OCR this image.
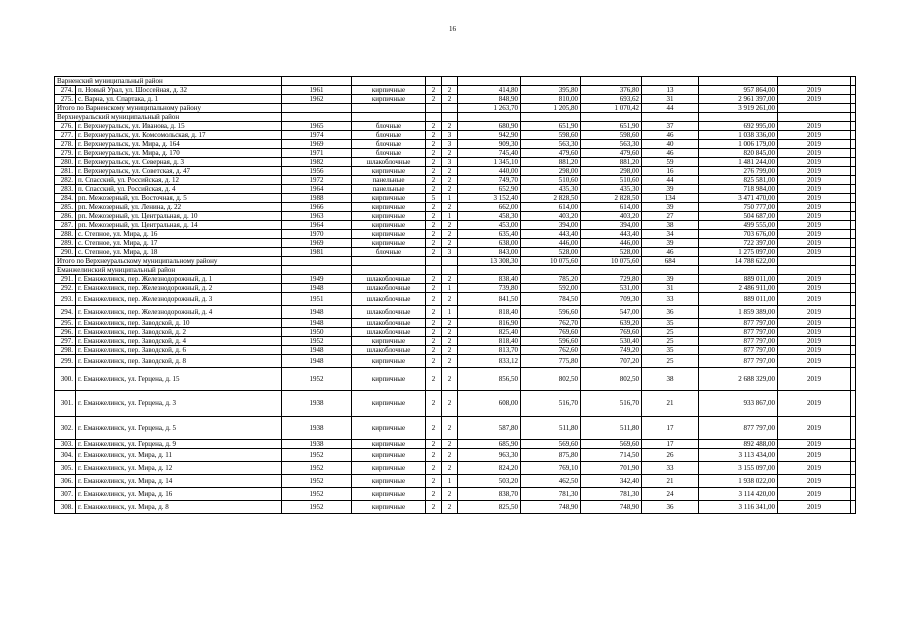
16
Варненский муниципальный район												
274.	п. Новый Урал, ул. Шоссейная, д. 32	1961	кирпичные	2	2	414,80	395,80	376,80	13	957 864,00	2019	
275.	с. Варна, ул. Спартака, д. 1	1962	кирпичные	2	2	848,90	810,00	693,62	31	2 961 397,00	2019	
Итого по Варненскому муниципальному району						1 263,70	1 205,80	1 070,42	44	3 919 261,00		
Верхнеуральский муниципальный район												
276.	г. Верхнеуральск, ул. Иванова, д. 15	1965	блочные	2	2	680,90	651,90	651,90	37	692 995,00	2019	
277.	г. Верхнеуральск, ул. Комсомольская, д. 17	1974	блочные	2	3	942,90	598,60	598,60	46	1 038 336,00	2019	
278.	г. Верхнеуральск, ул. Мира, д. 164	1969	блочные	2	3	909,30	563,30	563,30	40	1 006 179,00	2019	
279.	г. Верхнеуральск, ул. Мира, д. 170	1971	блочные	2	2	745,40	479,60	479,60	46	820 845,00	2019	
280.	г. Верхнеуральск, ул. Северная, д. 3	1982	шлакоблочные	2	3	1 345,10	881,20	881,20	59	1 481 244,00	2019	
281.	г. Верхнеуральск, ул. Советская, д. 47	1956	кирпичные	2	2	440,00	298,00	298,00	16	276 799,00	2019	
282.	п. Спасский, ул. Российская, д. 12	1972	панельные	2	2	749,70	510,60	510,60	44	825 581,00	2019	
283.	п. Спасский, ул. Российская, д. 4	1964	панельные	2	2	652,90	435,30	435,30	39	718 984,00	2019	
284.	рп. Межозерный, ул. Восточная, д. 5	1988	кирпичные	5	1	3 152,40	2 828,50	2 828,50	134	3 471 470,00	2019	
285.	рп. Межозерный, ул. Ленина, д. 22	1966	кирпичные	2	2	662,00	614,00	614,00	39	750 777,00	2019	
286.	рп. Межозерный, ул. Центральная, д. 10	1963	кирпичные	2	1	458,30	403,20	403,20	27	504 687,00	2019	
287.	рп. Межозерный, ул. Центральная, д. 14	1964	кирпичные	2	2	453,00	394,00	394,00	38	499 555,00	2019	
288.	с. Степное, ул. Мира, д. 16	1970	кирпичные	2	2	635,40	443,40	443,40	34	703 676,00	2019	
289.	с. Степное, ул. Мира, д. 17	1969	кирпичные	2	2	638,00	446,00	446,00	39	722 397,00	2019	
290.	с. Степное, ул. Мира, д. 18	1981	блочные	2	3	843,00	528,00	528,00	46	1 275 097,00	2019	
Итого по Верхнеуральскому муниципальному району						13 308,30	10 075,60	10 075,60	684	14 788 622,00		
Еманжелинский муниципальный район												
291.	г. Еманжелинск, пер. Железнодорожный, д. 1	1949	шлакоблочные	2	2	838,40	785,20	729,80	39	889 011,00	2019	
292.	г. Еманжелинск, пер. Железнодорожный, д. 2	1948	шлакоблочные	2	1	739,80	592,00	531,00	31	2 486 911,00	2019	
293.	г. Еманжелинск, пер. Железнодорожный, д. 3	1951	шлакоблочные	2	2	841,50	784,50	709,30	33	889 011,00	2019	
294.	г. Еманжелинск, пер. Железнодорожный, д. 4	1948	шлакоблочные	2	1	818,40	596,60	547,00	36	1 859 389,00	2019	
295.	г. Еманжелинск, пер. Заводской, д. 10	1948	шлакоблочные	2	2	816,90	762,70	639,20	35	877 797,00	2019	
296.	г. Еманжелинск, пер. Заводской, д. 2	1950	шлакоблочные	2	2	825,40	769,60	769,60	25	877 797,00	2019	
297.	г. Еманжелинск, пер. Заводской, д. 4	1952	кирпичные	2	2	818,40	596,60	530,40	25	877 797,00	2019	
298.	г. Еманжелинск, пер. Заводской, д. 6	1948	шлакоблочные	2	2	813,70	762,60	749,20	35	877 797,00	2019	
299.	г. Еманжелинск, пер. Заводской, д. 8	1948	кирпичные	2	2	833,12	775,80	707,20	25	877 797,00	2019	
300.	г. Еманжелинск, ул. Герцена, д. 15	1952	кирпичные	2	2	856,50	802,50	802,50	38	2 688 329,00	2019	
301.	г. Еманжелинск, ул. Герцена, д. 3	1938	кирпичные	2	2	608,00	516,70	516,70	21	933 867,00	2019	
302.	г. Еманжелинск, ул. Герцена, д. 5	1938	кирпичные	2	2	587,80	511,80	511,80	17	877 797,00	2019	
303.	г. Еманжелинск, ул. Герцена, д. 9	1938	кирпичные	2	2	685,90	569,60	569,60	17	892 488,00	2019	
304.	г. Еманжелинск, ул. Мира, д. 11	1952	кирпичные	2	2	963,30	875,80	714,50	26	3 113 434,00	2019	
305.	г. Еманжелинск, ул. Мира, д. 12	1952	кирпичные	2	2	824,20	769,10	701,90	33	3 155 097,00	2019	
306.	г. Еманжелинск, ул. Мира, д. 14	1952	кирпичные	2	1	503,20	462,50	342,40	21	1 938 022,00	2019	
307.	г. Еманжелинск, ул. Мира, д. 16	1952	кирпичные	2	2	838,70	781,30	781,30	24	3 114 420,00	2019	
308.	г. Еманжелинск, ул. Мира, д. 8	1952	кирпичные	2	2	825,50	748,90	748,90	36	3 116 341,00	2019	
